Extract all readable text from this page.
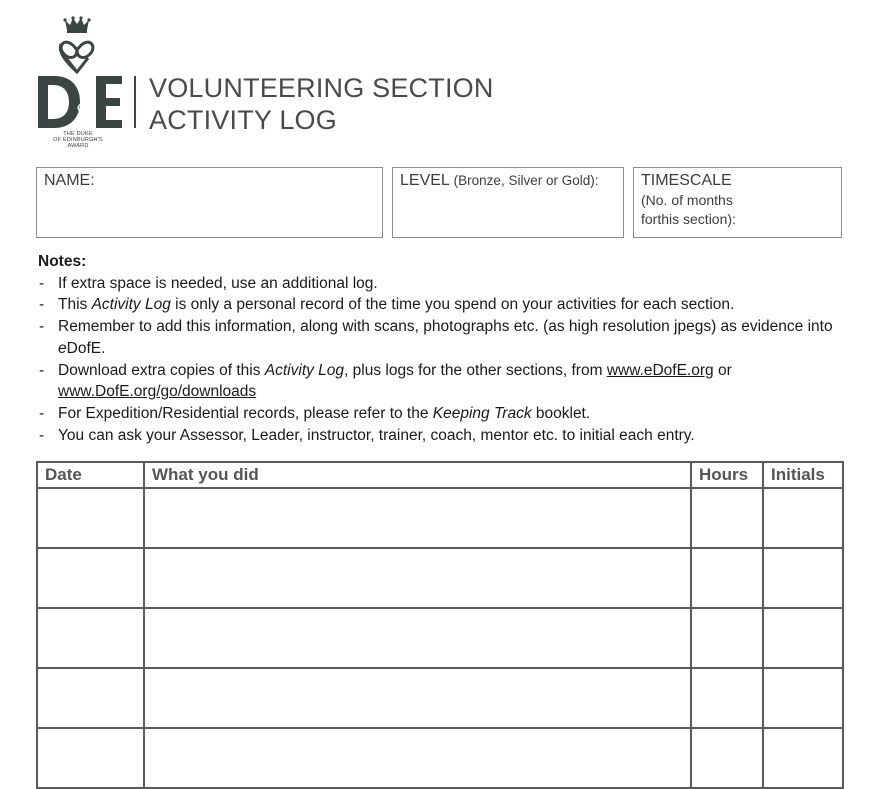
of
THE DUKE
OF EDINBURGH'S
AWARD
VOLUNTEERING SECTION
ACTIVITY LOG
NAME:	LEVEL (Bronze, Silver or Gold):	TIMESCALE
(No. of months
forthis section):
Notes:
- If extra space is needed, use an additional log.
- This Activity Log is only a personal record of the time you spend on your activities for each section.
- Remember to add this information, along with scans, photographs etc. (as high resolution jpegs) as evidence into eDofE.
- Download extra copies of this Activity Log, plus logs for the other sections, from www.eDofE.org or
www.DofE.org/go/downloads
- For Expedition/Residential records, please refer to the Keeping Track booklet.
- You can ask your Assessor, Leader, instructor, trainer, coach, mentor etc. to initial each entry.
Date	What you did	Hours	Initials
